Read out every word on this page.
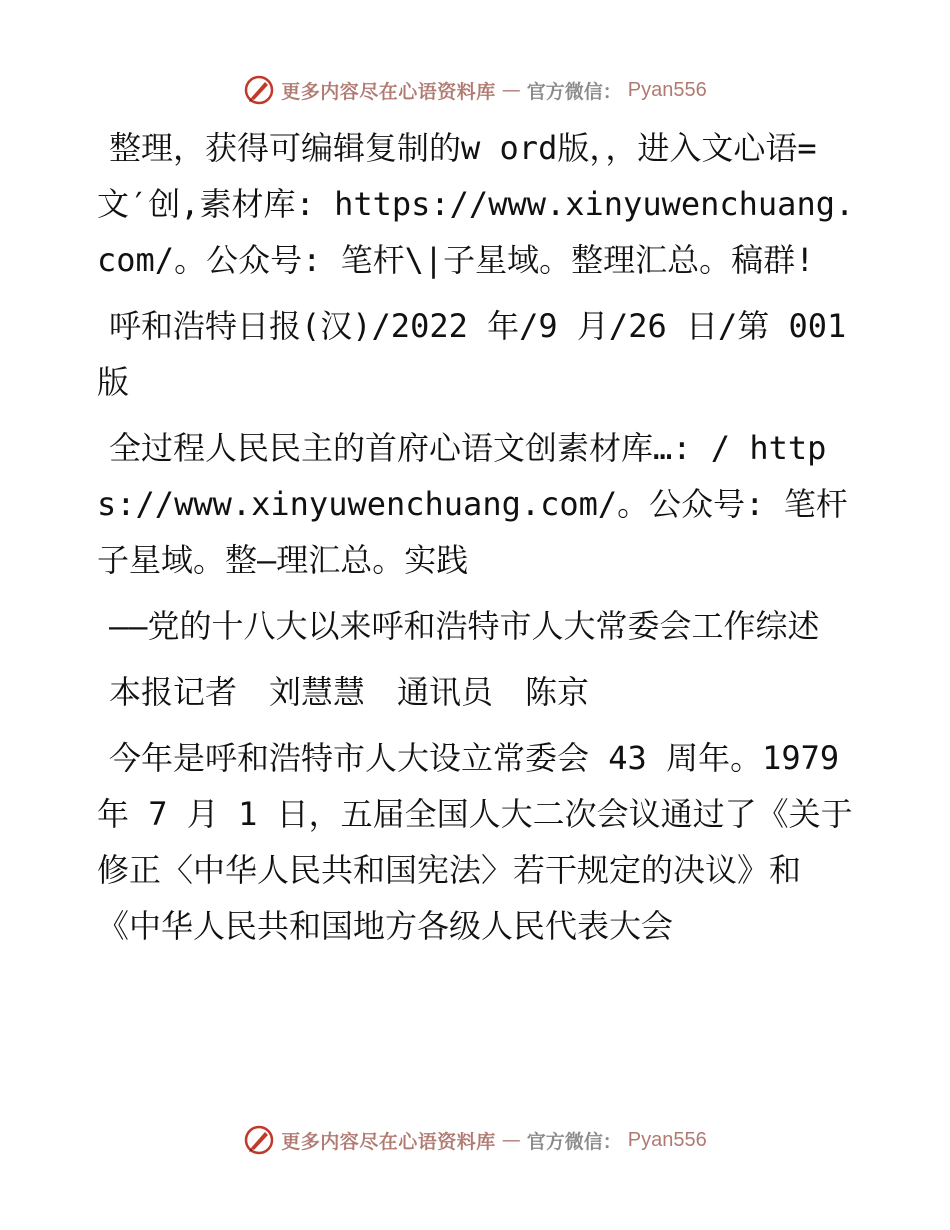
更多内容尽在心语资料库 — 官方微信： Pyan556

整理，获得可编辑复制的w ord版，，进入文心语=文′创,素材库: https://www.xinyuwenchuang.com/。公众号: 笔杆\|子星域。整理汇总。稿群!

呼和浩特日报(汉)/2022 年/9 月/26 日/第 001 版

全过程人民民主的首府心语文创素材库…: / https://www.xinyuwenchuang.com/。公众号: 笔杆子星域。整—理汇总。实践

——党的十八大以来呼和浩特市人大常委会工作综述

本报记者　刘慧慧　通讯员　陈京

今年是呼和浩特市人大设立常委会 43 周年。1979 年 7 月 1 日，五届全国人大二次会议通过了《关于修正〈中华人民共和国宪法〉若干规定的决议》和《中华人民共和国地方各级人民代表大会

更多内容尽在心语资料库 — 官方微信： Pyan556
